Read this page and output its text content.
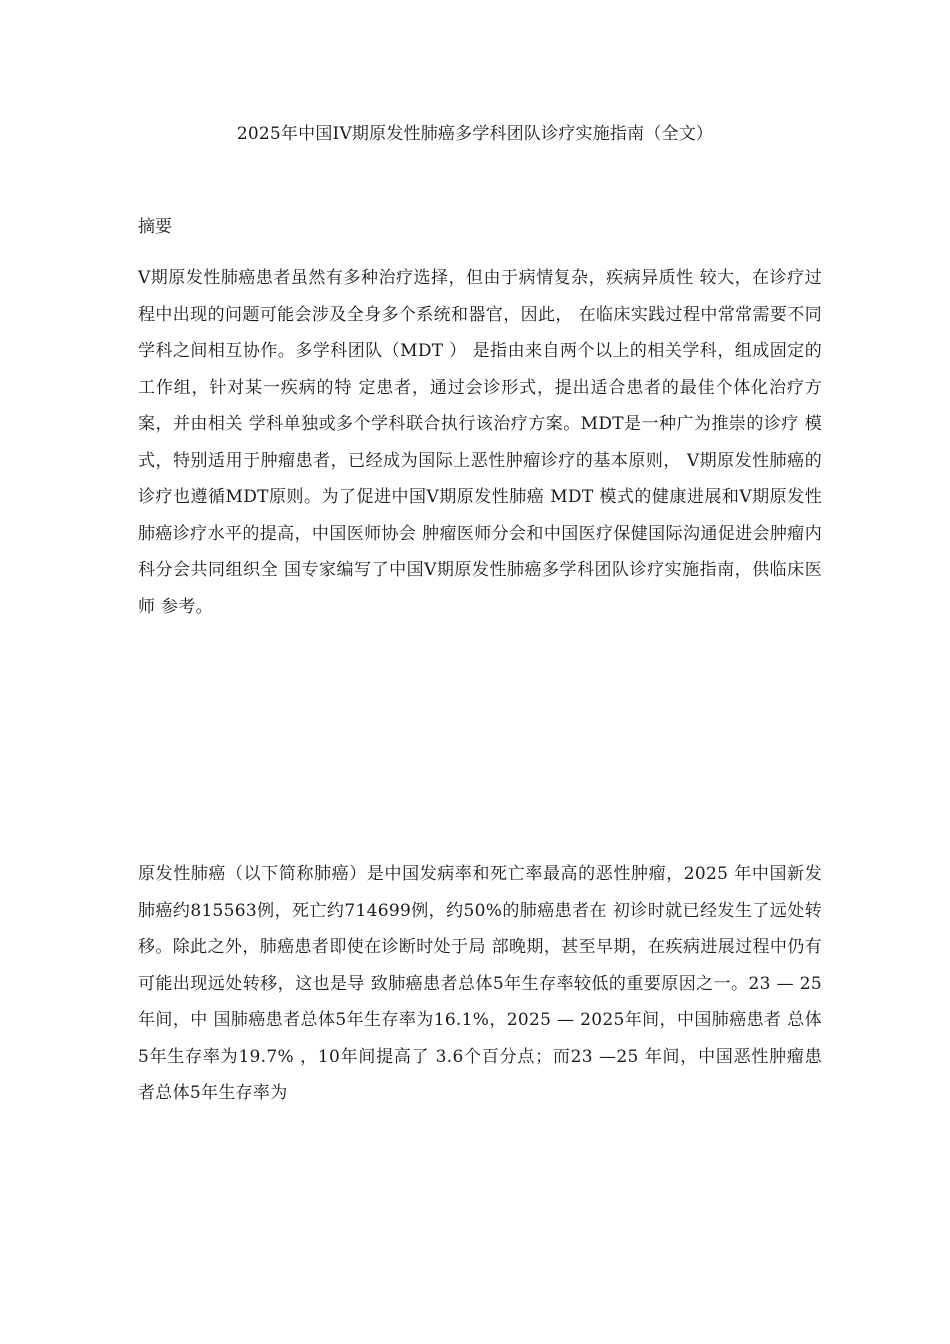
2025年中国IV期原发性肺癌多学科团队诊疗实施指南（全文）
摘要
V期原发性肺癌患者虽然有多种治疗选择，但由于病情复杂，疾病异质性 较大，在诊疗过程中出现的问题可能会涉及全身多个系统和器官，因此， 在临床实践过程中常常需要不同学科之间相互协作。多学科团队（MDT ） 是指由来自两个以上的相关学科，组成固定的工作组，针对某一疾病的特 定患者，通过会诊形式，提出适合患者的最佳个体化治疗方案，并由相关 学科单独或多个学科联合执行该治疗方案。MDT是一种广为推崇的诊疗 模式，特别适用于肿瘤患者，已经成为国际上恶性肿瘤诊疗的基本原则， V期原发性肺癌的诊疗也遵循MDT原则。为了促进中国V期原发性肺癌 MDT 模式的健康进展和V期原发性肺癌诊疗水平的提高，中国医师协会 肿瘤医师分会和中国医疗保健国际沟通促进会肿瘤内科分会共同组织全 国专家编写了中国V期原发性肺癌多学科团队诊疗实施指南，供临床医师 参考。
原发性肺癌（以下简称肺癌）是中国发病率和死亡率最高的恶性肿瘤，2025 年中国新发肺癌约815563例，死亡约714699例，约50%的肺癌患者在 初诊时就已经发生了远处转移。除此之外，肺癌患者即使在诊断时处于局 部晚期，甚至早期，在疾病进展过程中仍有可能出现远处转移，这也是导 致肺癌患者总体5年生存率较低的重要原因之一。23 — 25年间，中 国肺癌患者总体5年生存率为16.1%，2025 — 2025年间，中国肺癌患者 总体5年生存率为19.7% ，10年间提高了 3.6个百分点；而23 —25 年间，中国恶性肿瘤患者总体5年生存率为
